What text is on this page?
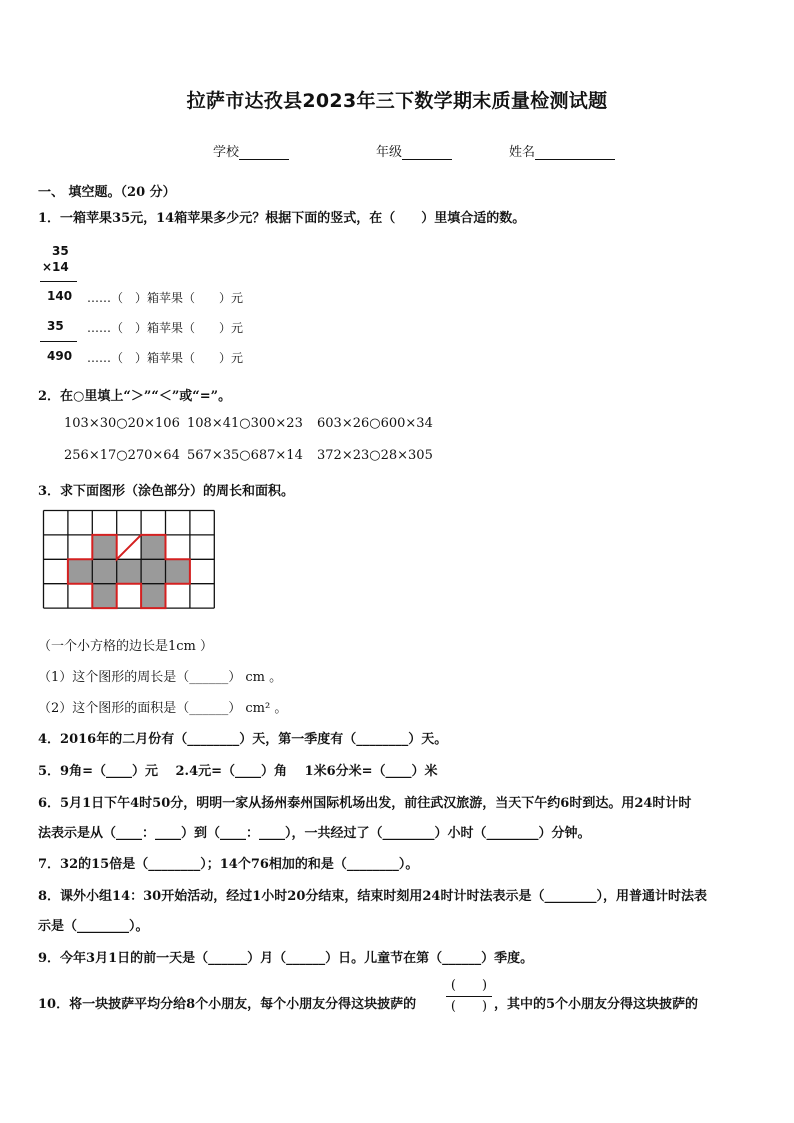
拉萨市达孜县2023年三下数学期末质量检测试题
学校	年级	姓名
一、 填空题。（20 分）
1．一箱苹果35元，14箱苹果多少元？根据下面的竖式，在（　　）里填合适的数。
35
×14
140 ……（　）箱苹果（　　）元
35 ……（　）箱苹果（　　）元
490 ……（　）箱苹果（　　）元
2．在○里填上“＞”“＜”或“=”。
103×30○20×106 108×41○300×23 603×26○600×34
256×17○270×64 567×35○687×14 372×23○28×305
3．求下面图形（涂色部分）的周长和面积。
（一个小方格的边长是1cm ）
（1）这个图形的周长是（______） cm 。
（2）这个图形的面积是（______） cm² 。
4．2016年的二月份有（________）天，第一季度有（________）天。
5．9角=（____）元　 2.4元=（____）角　 1米6分米=（____）米
6．5月1日下午4时50分，明明一家从扬州泰州国际机场出发，前往武汉旅游，当天下午约6时到达。用24时计时
法表示是从（____：____）到（____：____），一共经过了（________）小时（________）分钟。
7．32的15倍是（________）；14个76相加的和是（________）。
8．课外小组14：30开始活动，经过1小时20分结束，结束时刻用24时计时法表示是（________），用普通计时法表
示是（________）。
9．今年3月1日的前一天是（______）月（______）日。儿童节在第（______）季度。
10．将一块披萨平均分给8个小朋友，每个小朋友分得这块披萨的
(　　)
(　　) ，其中的5个小朋友分得这块披萨的
